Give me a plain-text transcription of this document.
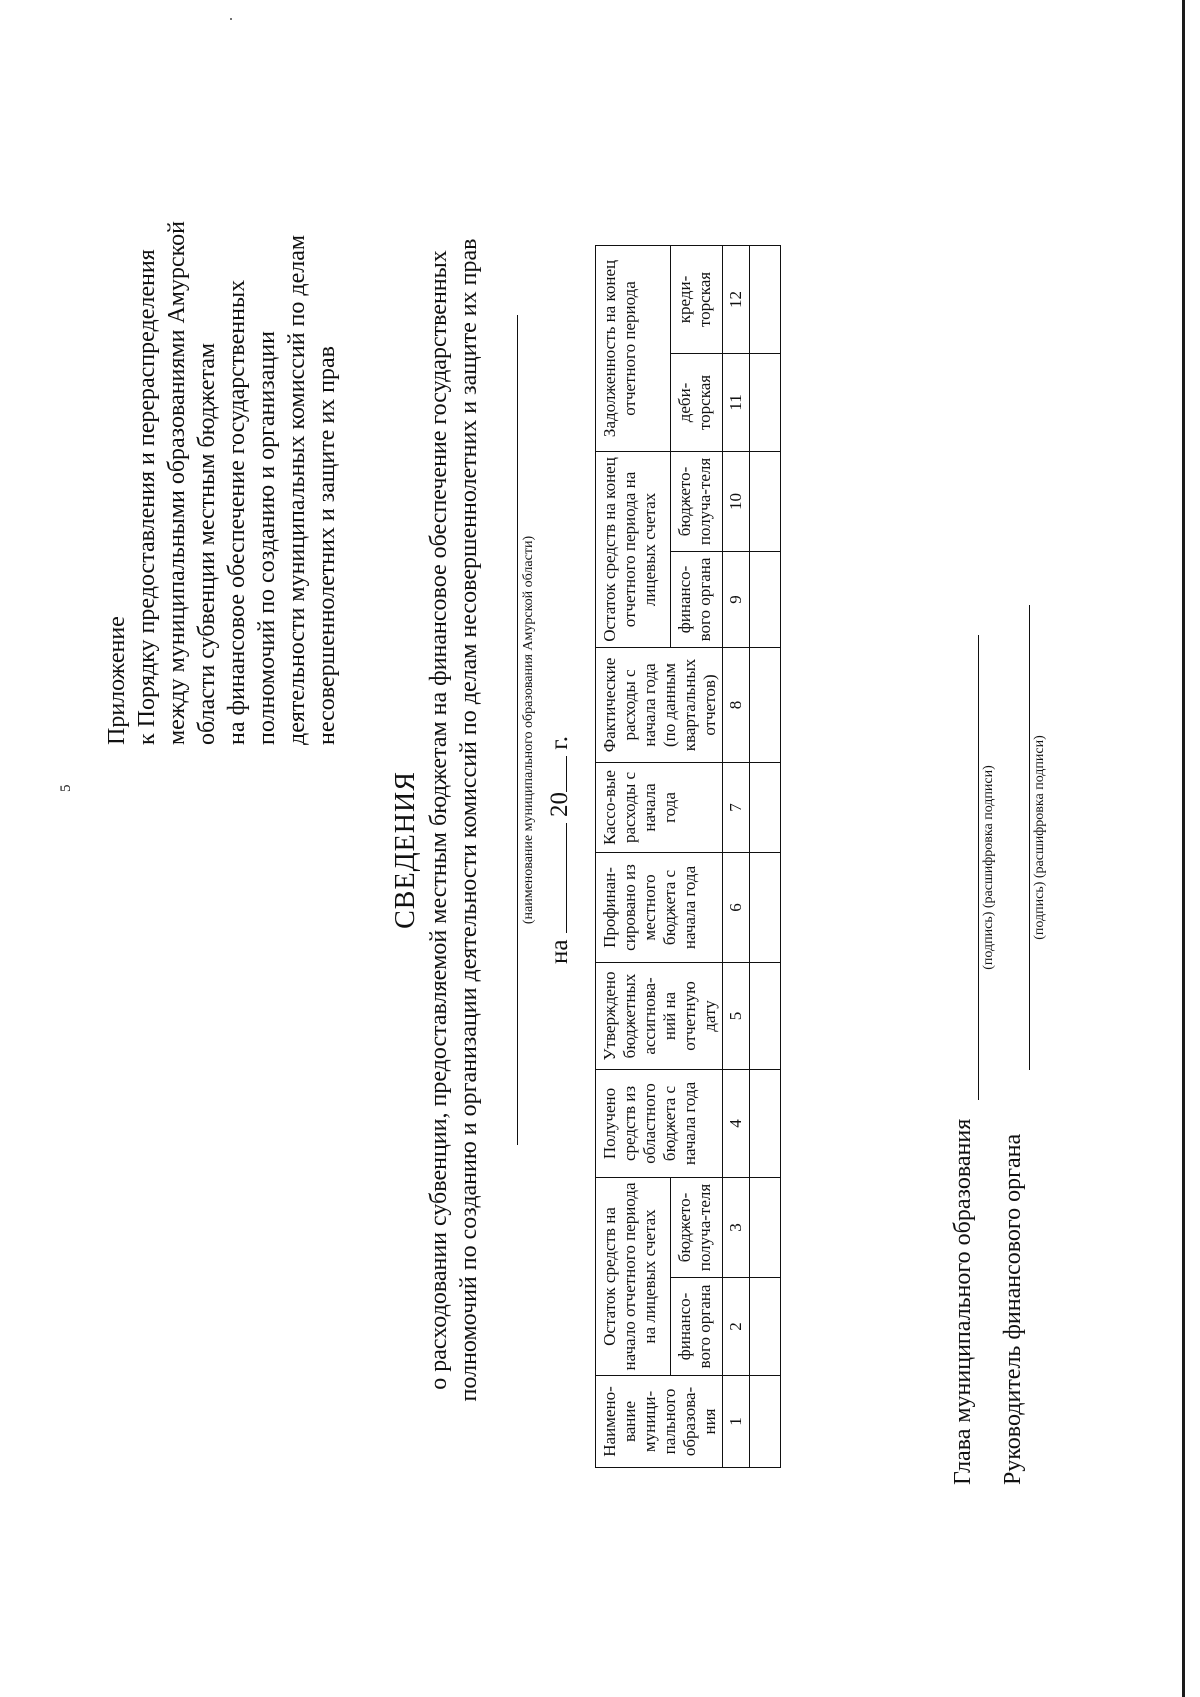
5
Приложение к Порядку предоставления и перераспределения между муниципальными образованиями Амурской области субвенции местным бюджетам на финансовое обеспечение государственных полномочий по созданию и организации деятельности муниципальных комиссий по делам несовершеннолетних и защите их прав
СВЕДЕНИЯ о расходовании субвенции, предоставляемой местным бюджетам на финансовое обеспечение государственных полномочий по созданию и организации деятельности комиссий по делам несовершеннолетних и защите их прав	(наименование муниципального образования Амурской области)
на  20 г.
Наимено-вание муници-пального образова-ния	Остаток средств на начало отчетного периода на лицевых счетах		Получено средств из областного бюджета с начала года	Утверждено бюджетных ассигнова-ний на отчетную дату	Профинан-сировано из местного бюджета с начала года	Кассо-вые расходы с начала года	Фактические расходы с начала года (по данным квартальных отчетов)	Остаток средств на конец отчетного периода на лицевых счетах		Задолженность на конец отчетного периода	
	финансо-вого органа	бюджето-получа-теля						финансо-вого органа	бюджето-получа-теля	деби-торская	креди-торская
1	2	3	4	5	6	7	8	9	10	11	12

Глава муниципального образования
(подпись) (расшифровка подписи)
Руководитель финансового органа
(подпись) (расшифровка подписи)
